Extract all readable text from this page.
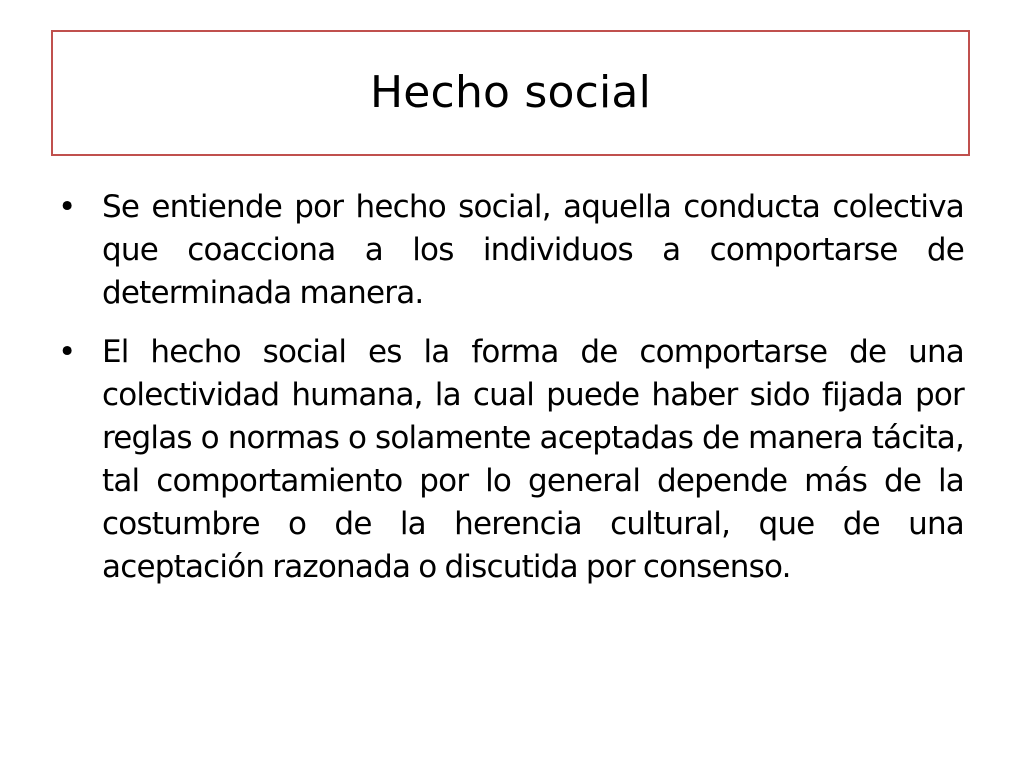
Hecho social
• Se entiende por hecho social, aquella conducta colectiva que coacciona a los individuos a comportarse de determinada manera.
• El hecho social es la forma de comportarse de una colectividad humana, la cual puede haber sido fijada por reglas o normas o solamente aceptadas de manera tácita, tal comportamiento por lo general depende más de la costumbre o de la herencia cultural, que de una aceptación razonada o discutida por consenso.
